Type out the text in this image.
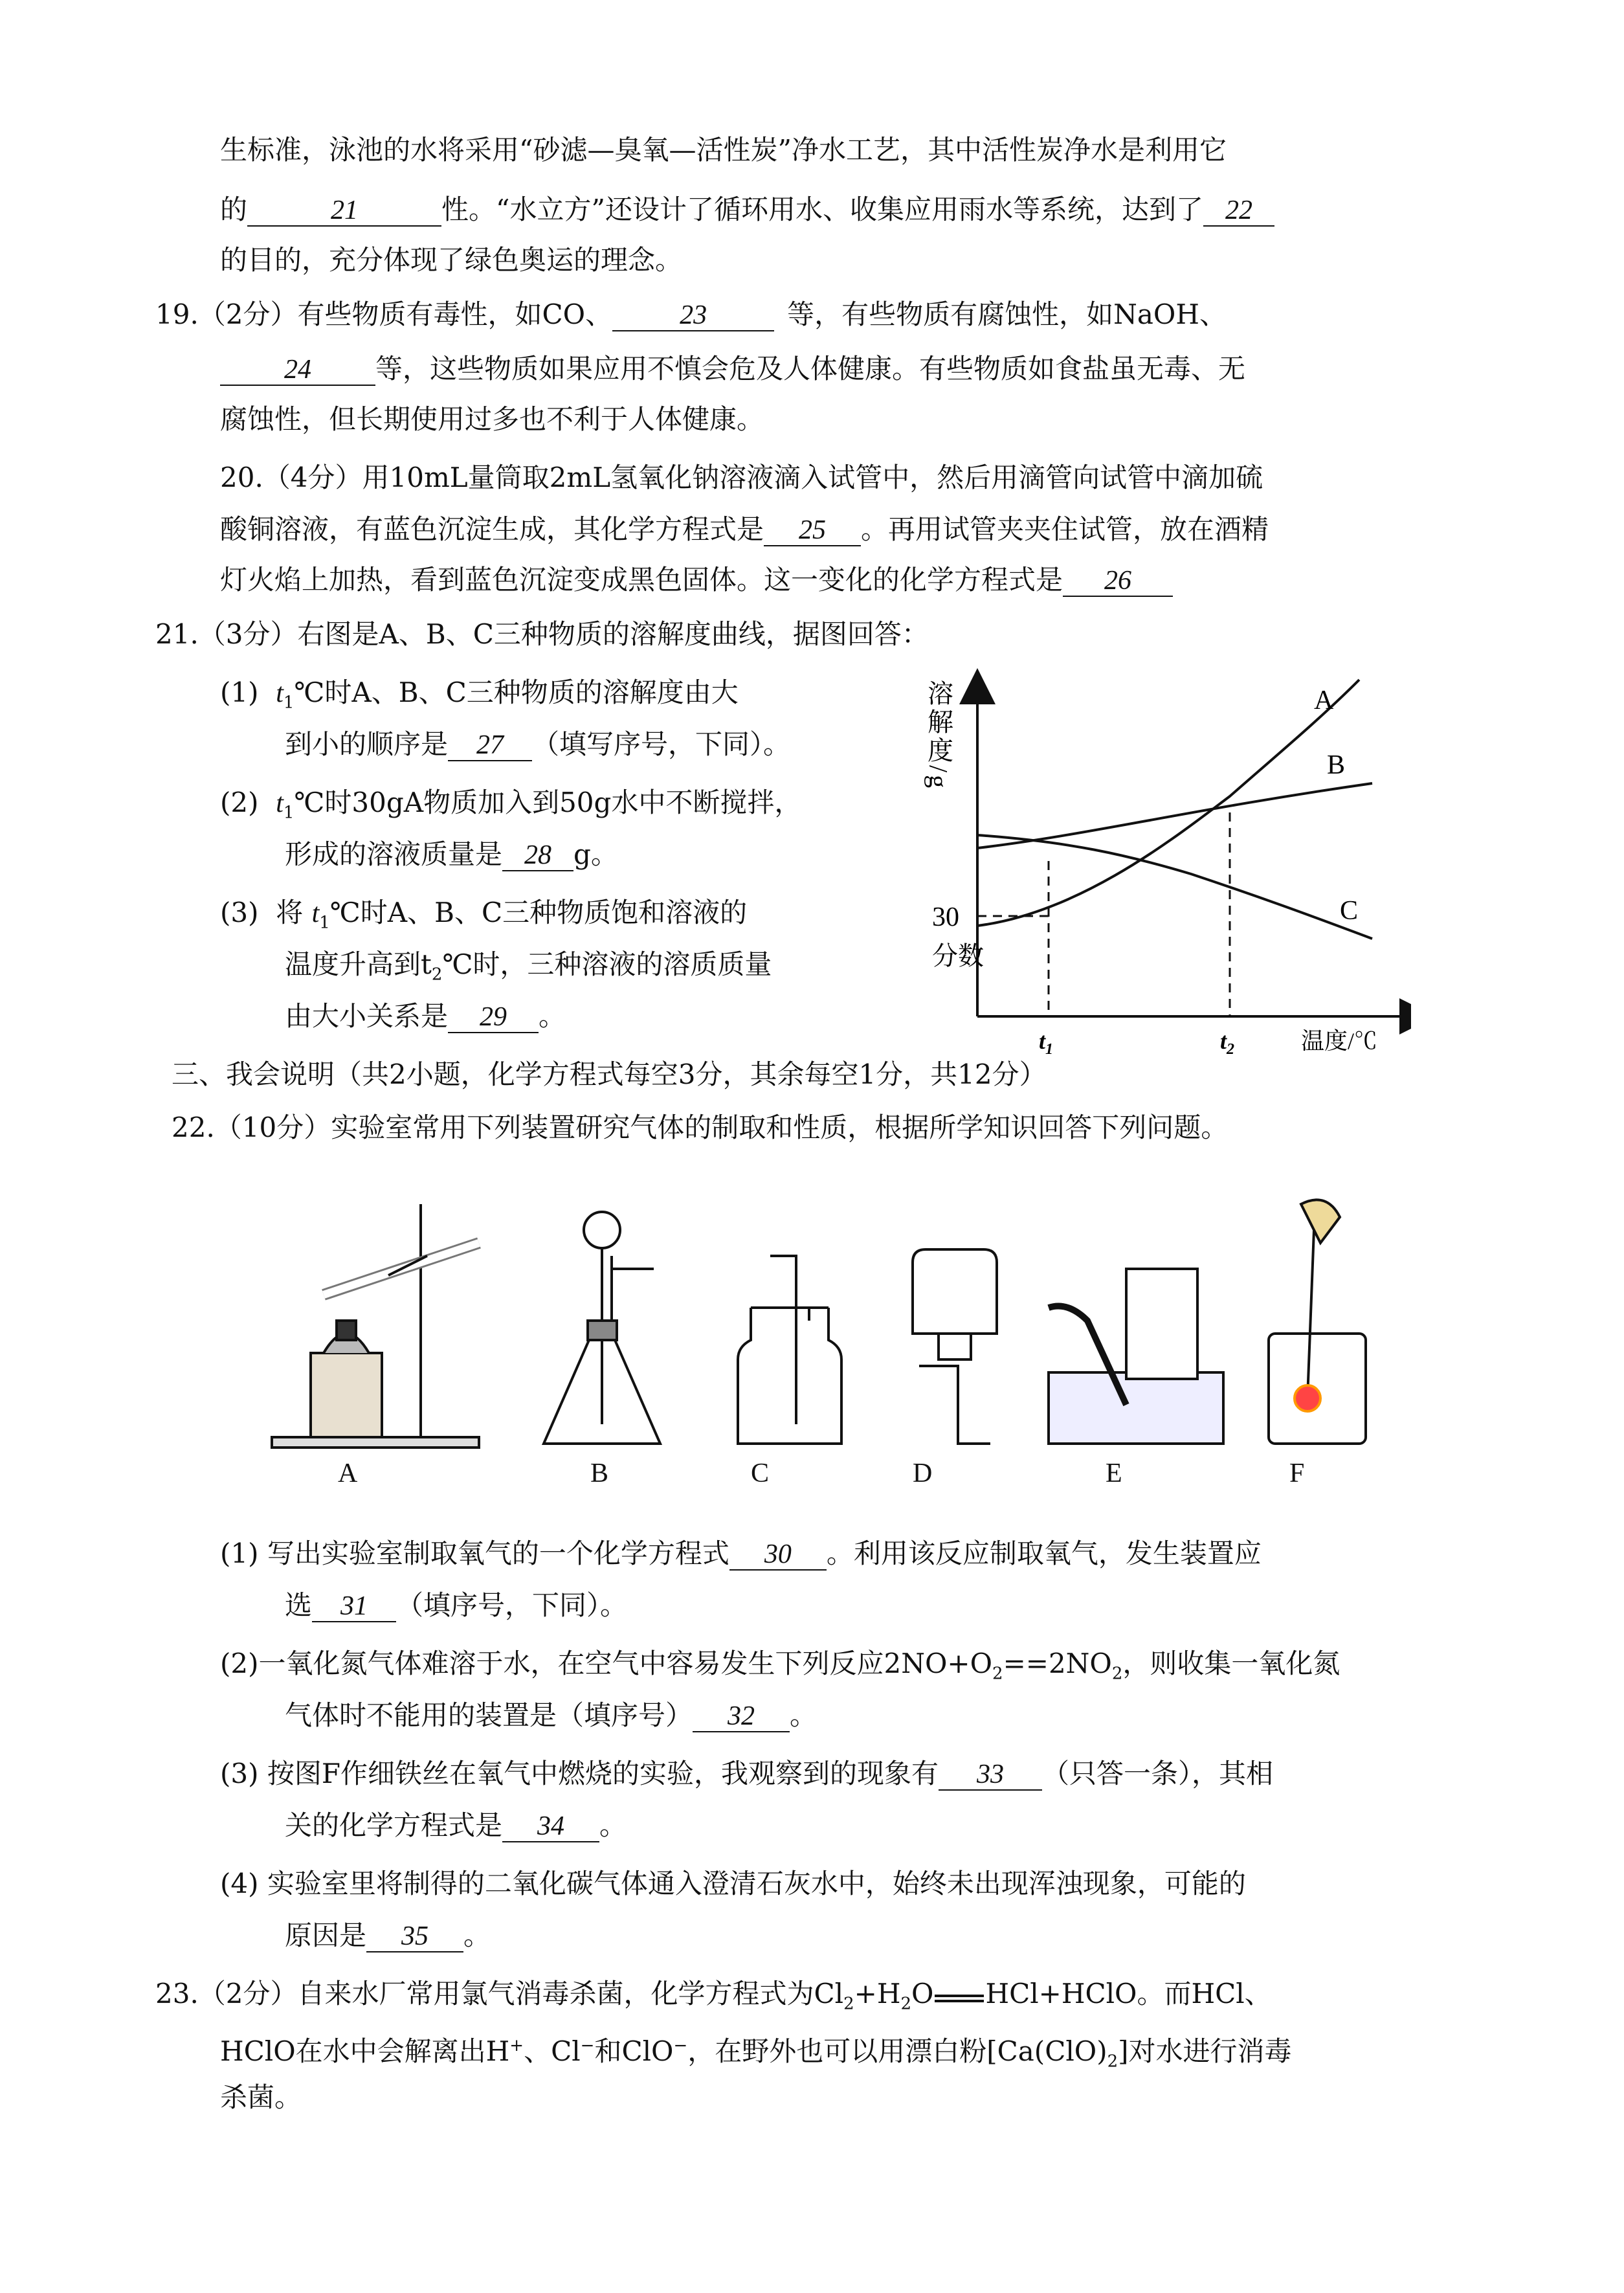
生标准，泳池的水将采用“砂滤—臭氧—活性炭”净水工艺，其中活性炭净水是利用它
的	21	性。“水立方”还设计了循环用水、收集应用雨水等系统，达到了 22
的目的，充分体现了绿色奥运的理念。
19.（2分）有些物质有毒性，如CO、 23	等，有些物质有腐蚀性，如NaOH、
24 等，这些物质如果应用不慎会危及人体健康。有些物质如食盐虽无毒、无
腐蚀性，但长期使用过多也不利于人体健康。
20.（4分）用10mL量筒取2mL氢氧化钠溶液滴入试管中，然后用滴管向试管中滴加硫
酸铜溶液，有蓝色沉淀生成，其化学方程式是 25 。再用试管夹夹住试管，放在酒精
灯火焰上加热，看到蓝色沉淀变成黑色固体。这一变化的化学方程式是 26
21.（3分）右图是A、B、C三种物质的溶解度曲线，据图回答：
(1) $t_1℃$时A、B、C三种物质的溶解度由大
到小的顺序是 27 （填写序号，下同）。
(2) $t_1℃$时30gA物质加入到50g水中不断搅拌，
形成的溶液质量是 28 g。
(3) 将 $t_1℃$时A、B、C三种物质饱和溶液的
温度升高到$t_2℃$时，三种溶液的溶质质量
由大小关系是 29 。
溶解度/g	A
B
C
30
分数
$t_1$	$t_2$	温度/℃
三、我会说明（共2小题，化学方程式每空3分，其余每空1分，共12分）
22.（10分）实验室常用下列装置研究气体的制取和性质，根据所学知识回答下列问题。
A	B	C	D	E	F
(1) 写出实验室制取氧气的一个化学方程式 30 。利用该反应制取氧气，发生装置应
选 31 （填序号，下同）。
(2)一氧化氮气体难溶于水，在空气中容易发生下列反应$2NO+O_2==2NO_2$，则收集一氧化氮
气体时不能用的装置是（填序号） 32 。
(3) 按图F作细铁丝在氧气中燃烧的实验，我观察到的现象有 33 （只答一条），其相
关的化学方程式是 34 。
(4) 实验室里将制得的二氧化碳气体通入澄清石灰水中，始终未出现浑浊现象，可能的
原因是 35 。
23.（2分）自来水厂常用氯气消毒杀菌，化学方程式为$Cl_2+H_2O$ HCl+HClO。而HCl、
HClO在水中会解离出H+、Cl−和ClO−，在野外也可以用漂白粉$[Ca(ClO)_2]$对水进行消毒
杀菌。
